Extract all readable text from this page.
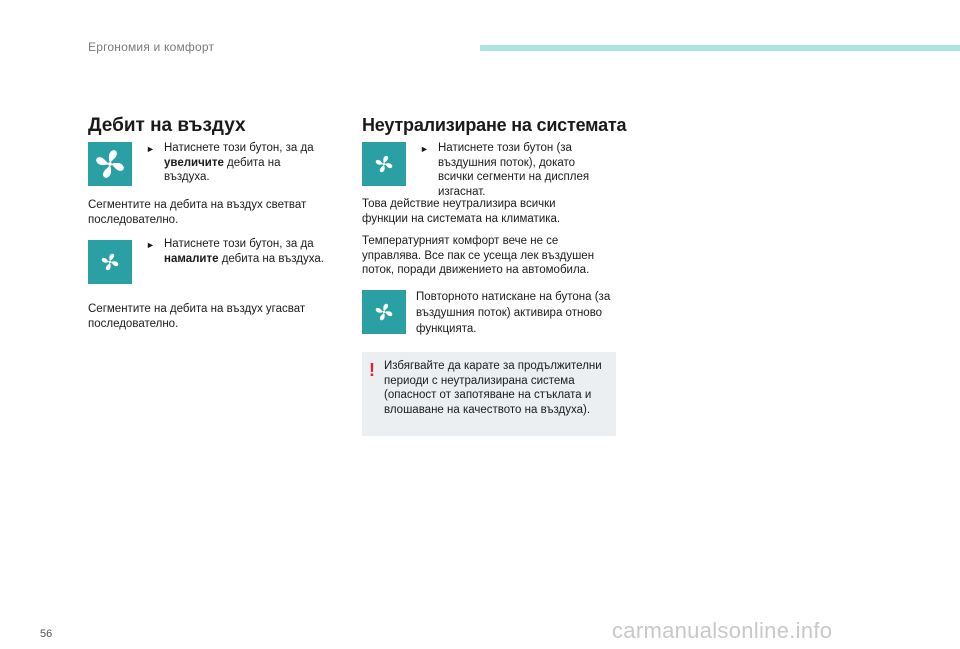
Ергономия и комфорт
Дебит на въздух
► Натиснете този бутон, за да увеличите дебита на въздуха.
Сегментите на дебита на въздух светват последователно.
► Натиснете този бутон, за да намалите дебита на въздуха.
Сегментите на дебита на въздух угасват последователно.
Неутрализиране на системата
► Натиснете този бутон (за въздушния поток), докато всички сегменти на дисплея изгаснат.
Това действие неутрализира всички функции на системата на климатика.
Температурният комфорт вече не се управлява. Все пак се усеща лек въздушен поток, поради движението на автомобила.
Повторното натискане на бутона (за въздушния поток) активира отново функцията.
! Избягвайте да карате за продължителни периоди с неутрализирана система (опасност от запотяване на стъклата и влошаване на качеството на въздуха).
56	carmanualsonline.info
